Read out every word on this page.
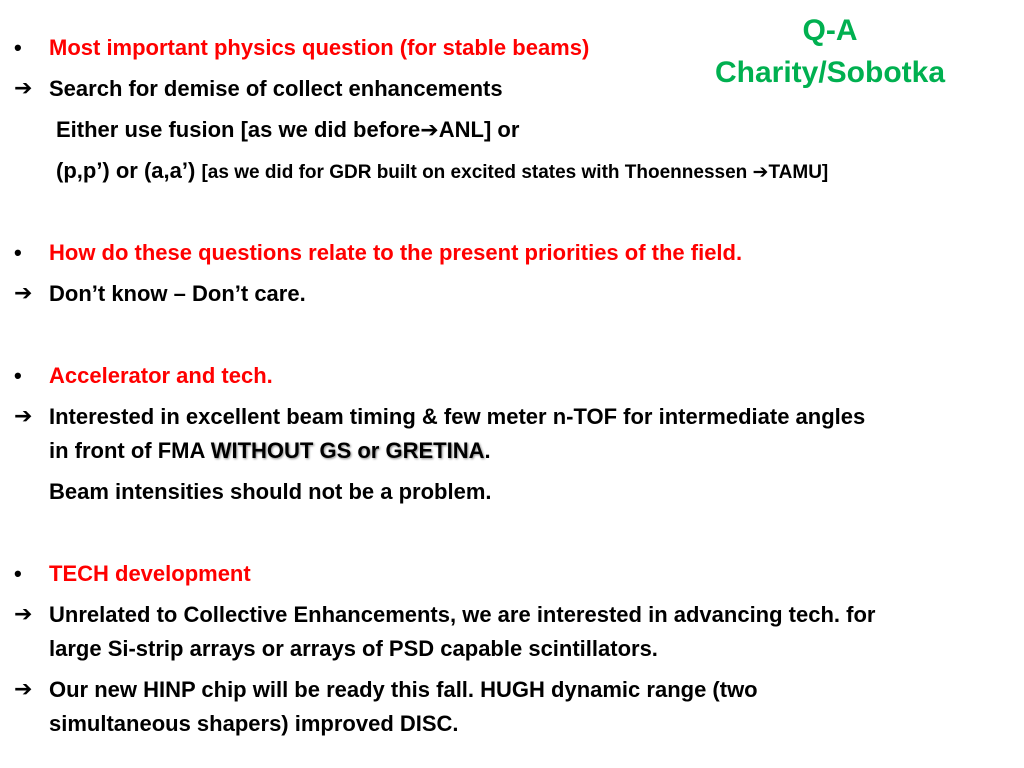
Q-A
Charity/Sobotka
•	Most important physics question (for stable beams)
➔ Search for demise of collect enhancements
Either use fusion [as we did before➔ANL] or
(p,p’) or (a,a’) [as we did for GDR built on excited states with Thoennessen ➔TAMU]
•	How do these questions relate to the present priorities of the field.
➔ Don’t know – Don’t care.
•	Accelerator and tech.
➔ Interested in excellent beam timing & few meter n-TOF for intermediate angles
in front of FMA WITHOUT GS or GRETINA.
Beam intensities should not be a problem.
•	TECH development
➔ Unrelated to Collective Enhancements, we are interested in advancing tech. for
large Si-strip arrays or arrays of PSD capable scintillators.
➔ Our new HINP chip will be ready this fall. HUGH dynamic range (two
simultaneous shapers) improved DISC.
